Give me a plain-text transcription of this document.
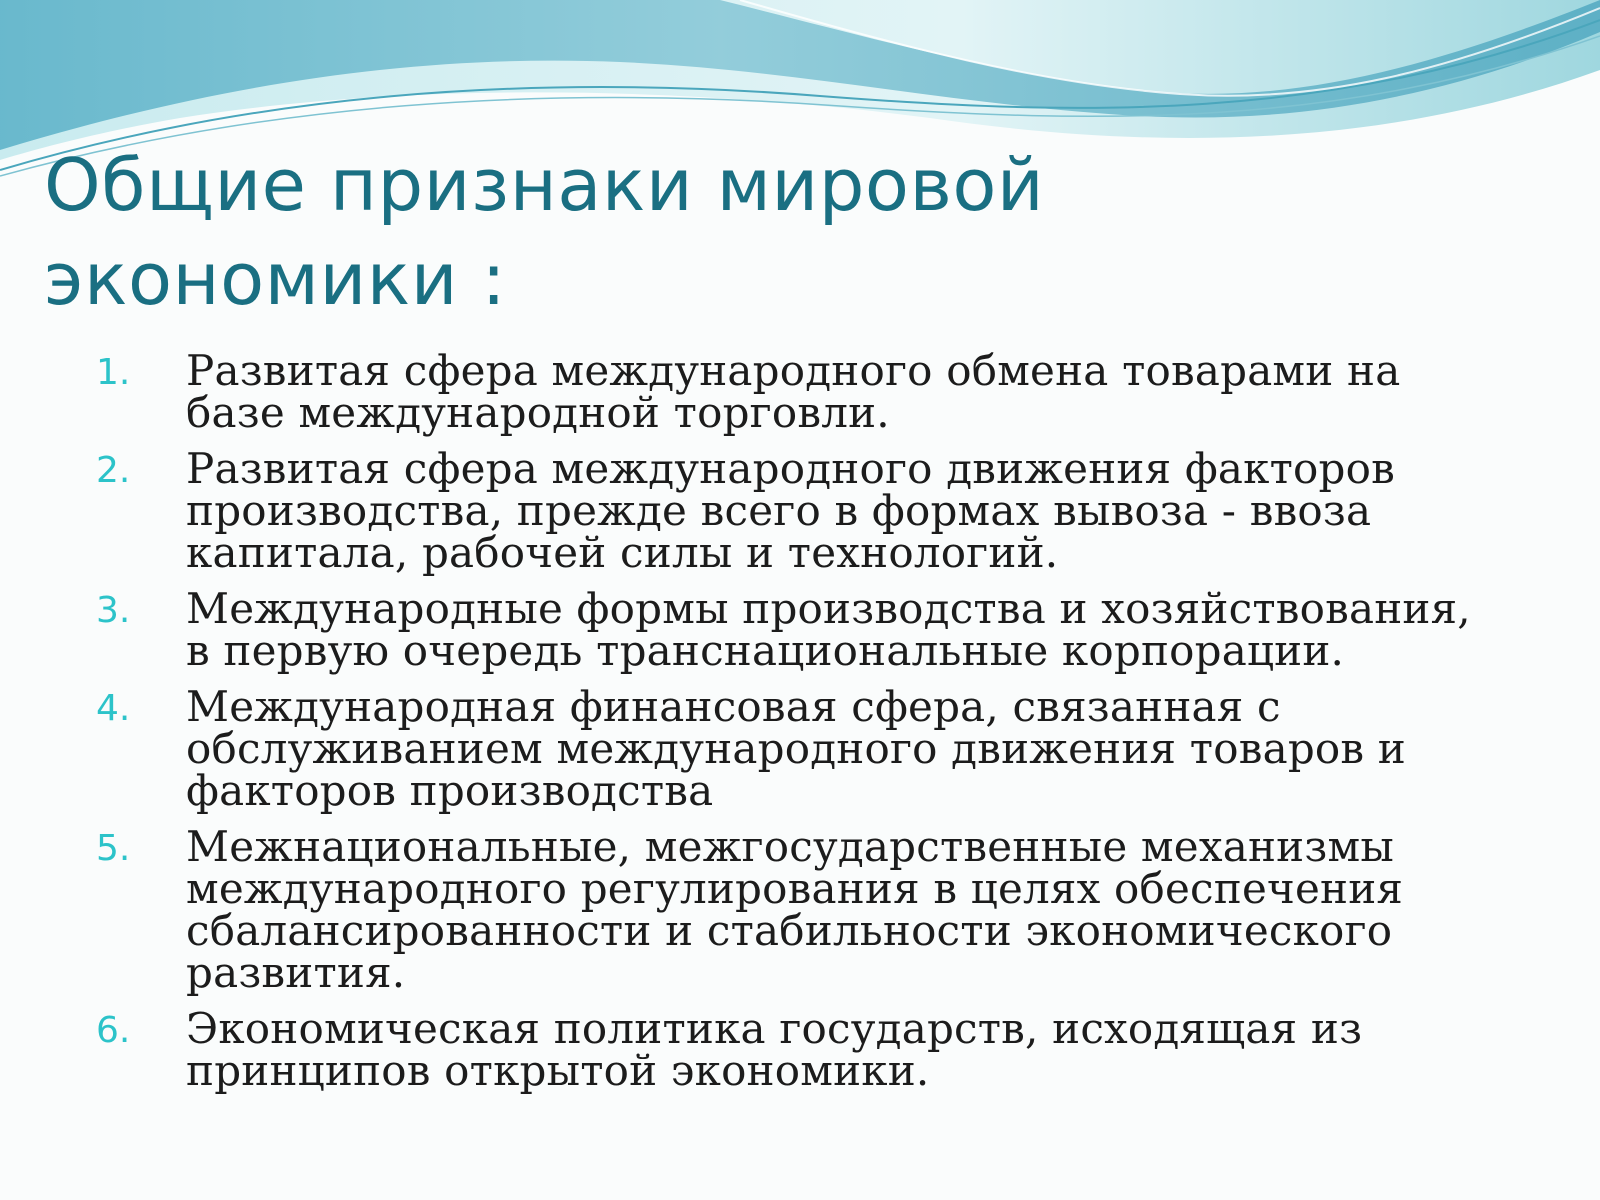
Общие признаки мировой экономики :
1. Развитая сфера международного обмена товарами на базе международной торговли.
2. Развитая сфера международного движения факторов производства, прежде всего в формах вывоза - ввоза капитала, рабочей силы и технологий.
3. Международные формы производства и хозяйствования, в первую очередь транснациональные корпорации.
4. Международная финансовая сфера, связанная с обслуживанием международного движения товаров и факторов производства
5. Межнациональные, межгосударственные механизмы международного регулирования в целях обеспечения сбалансированности и стабильности экономического развития.
6. Экономическая политика государств, исходящая из принципов открытой экономики.
